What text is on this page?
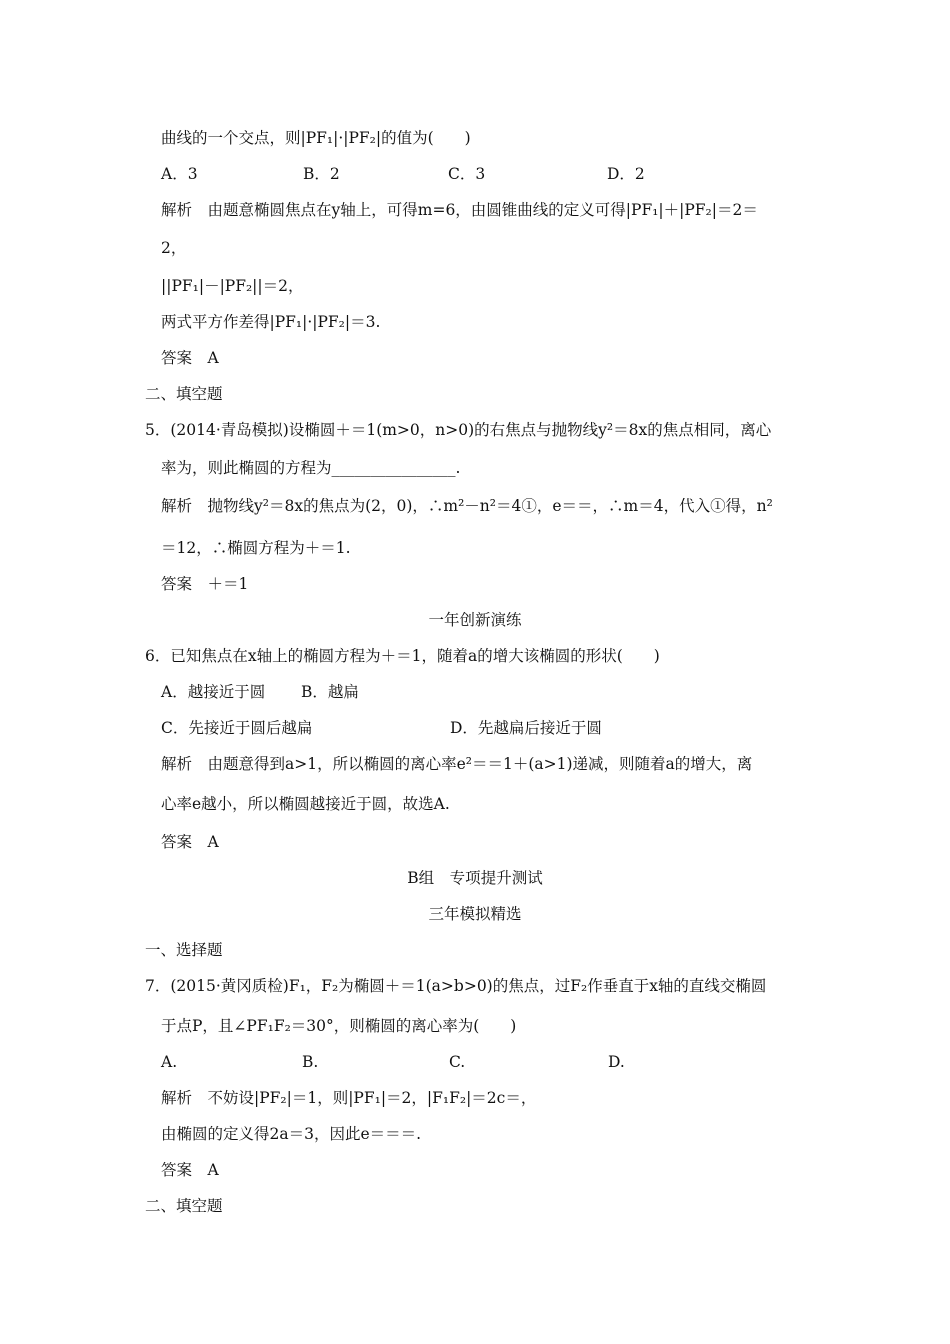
曲线的一个交点，则|PF₁|·|PF₂|的值为(　　)
A．3	B．2	C．3	D．2
解析　由题意椭圆焦点在y轴上，可得m=6，由圆锥曲线的定义可得|PF₁|＋|PF₂|＝2＝
2，
||PF₁|－|PF₂||＝2，
两式平方作差得|PF₁|·|PF₂|＝3.
答案　A
二、填空题
5．(2014·青岛模拟)设椭圆＋＝1(m>0，n>0)的右焦点与抛物线y²＝8x的焦点相同，离心
率为，则此椭圆的方程为________________.
解析　抛物线y²＝8x的焦点为(2，0)，∴m²－n²＝4①，e＝＝，∴m＝4，代入①得，n²
＝12，∴椭圆方程为＋＝1.
答案　＋＝1
一年创新演练
6．已知焦点在x轴上的椭圆方程为＋＝1，随着a的增大该椭圆的形状(　　)
A．越接近于圆 B．越扁
C．先接近于圆后越扁	D．先越扁后接近于圆
解析　由题意得到a>1，所以椭圆的离心率e²＝＝1＋(a>1)递减，则随着a的增大，离
心率e越小，所以椭圆越接近于圆，故选A.
答案　A
B组　专项提升测试
三年模拟精选
一、选择题
7．(2015·黄冈质检)F₁，F₂为椭圆＋＝1(a>b>0)的焦点，过F₂作垂直于x轴的直线交椭圆
于点P，且∠PF₁F₂＝30°，则椭圆的离心率为(　　)
A.	B.	C.	D.
解析　不妨设|PF₂|＝1，则|PF₁|＝2，|F₁F₂|＝2c＝，
由椭圆的定义得2a＝3，因此e＝＝＝.
答案　A
二、填空题
